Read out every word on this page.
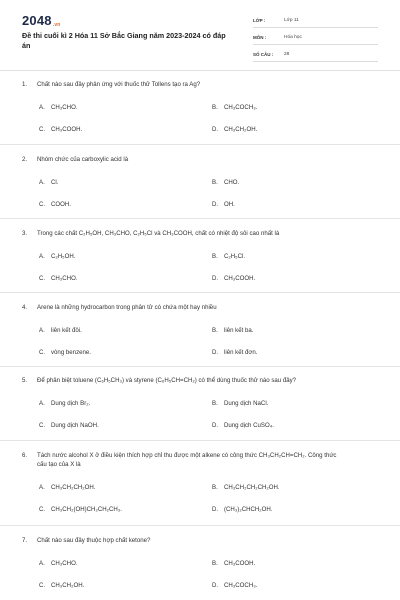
2048.vn
Đề thi cuối kì 2 Hóa 11 Sở Bắc Giang năm 2023-2024 có đáp án
LỚP :	Lớp 11
MÔN :	Hóa học
SỐ CÂU :	28
1.	Chất nào sau đây phản ứng với thuốc thử Tollens tạo ra Ag?
A.	CH₃CHO.	B.	CH₃COCH₃.
C. CH₃COOH.	D. CH₃CH₂OH.
2.	Nhóm chức của carboxylic acid là
A.	Cl.	B.	CHO.
C. COOH.	D. OH.
3.	Trong các chất C₂H₅OH, CH₃CHO, C₂H₅Cl và CH₃COOH, chất có nhiệt độ sôi cao nhất là
A.	C₂H₅OH.	B.	C₂H₅Cl.
C. CH₃CHO.	D. CH₃COOH.
4.	Arene là những hydrocarbon trong phân tử có chứa một hay nhiều
A.	liên kết đôi.	B.	liên kết ba.
C. vòng benzene.	D. liên kết đơn.
5.	Để phân biệt toluene (C₆H₅CH₃) và styrene (C₆H₅CH=CH₂) có thể dùng thuốc thử nào sau đây?
A.	Dung dịch Br₂.	B.	Dung dịch NaCl.
C. Dung dịch NaOH.	D. Dung dịch CuSO₄.
6.	Tách nước alcohol X ở điều kiện thích hợp chỉ thu được một alkene có công thức CH₃CH₂CH=CH₂. Công thức cấu tạo của X là
A.	CH₃CH₂CH₂OH.	B.	CH₃CH₂CH₂CH₂OH.
C. CH₃CH₂(OH)CH₂CH₂CH₃.	D. (CH₃)₂CHCH₂OH.
7.	Chất nào sau đây thuộc hợp chất ketone?
A.	CH₃CHO.	B.	CH₃COOH.
C. CH₃CH₂OH.	D. CH₃COCH₃.
